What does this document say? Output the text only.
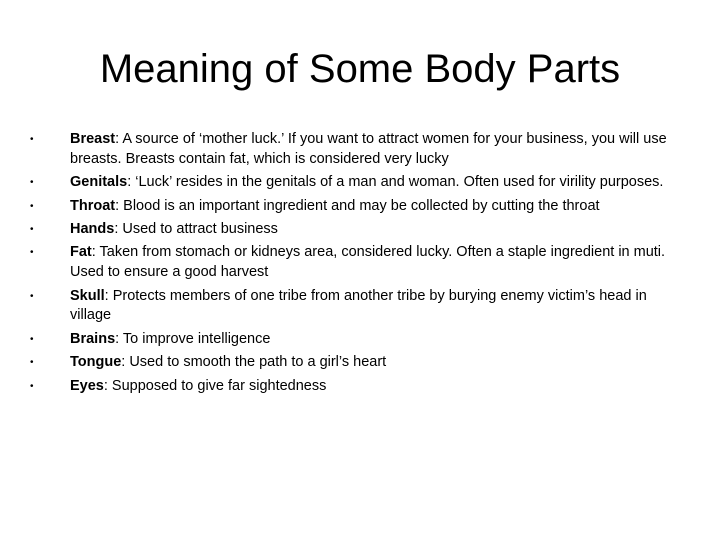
Meaning of Some Body Parts
•	Breast: A source of ‘mother luck.’ If you want to attract women for your business, you will use breasts. Breasts contain fat, which is considered very lucky
•	Genitals: ‘Luck’ resides in the genitals of a man and woman. Often used for virility purposes.
•	Throat: Blood is an important ingredient and may be collected by cutting the throat
•	Hands: Used to attract business
•	Fat: Taken from stomach or kidneys area, considered lucky. Often a staple ingredient in muti. Used to ensure a good harvest
•	Skull: Protects members of one tribe from another tribe by burying enemy victim’s head in village
•	Brains: To improve intelligence
•	Tongue: Used to smooth the path to a girl’s heart
•	Eyes: Supposed to give far sightedness
